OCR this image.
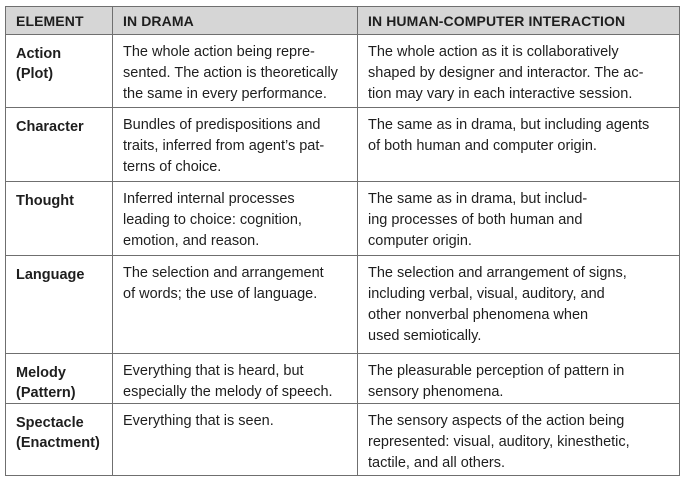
ELEMENT	IN DRAMA	IN HUMAN-COMPUTER INTERACTION
Action
(Plot)	The whole action being repre-
sented. The action is theoretically
the same in every performance.	The whole action as it is collaboratively
shaped by designer and interactor. The ac-
tion may vary in each interactive session.
Character	Bundles of predispositions and
traits, inferred from agent’s pat-
terns of choice.	The same as in drama, but including agents
of both human and computer origin.
Thought	Inferred internal processes
leading to choice: cognition,
emotion, and reason.	The same as in drama, but includ-
ing processes of both human and
computer origin.
Language	The selection and arrangement
of words; the use of language.	The selection and arrangement of signs,
including verbal, visual, auditory, and
other nonverbal phenomena when
used semiotically.
Melody
(Pattern)	Everything that is heard, but
especially the melody of speech.	The pleasurable perception of pattern in
sensory phenomena.
Spectacle
(Enactment)	Everything that is seen.	The sensory aspects of the action being
represented: visual, auditory, kinesthetic,
tactile, and all others.
